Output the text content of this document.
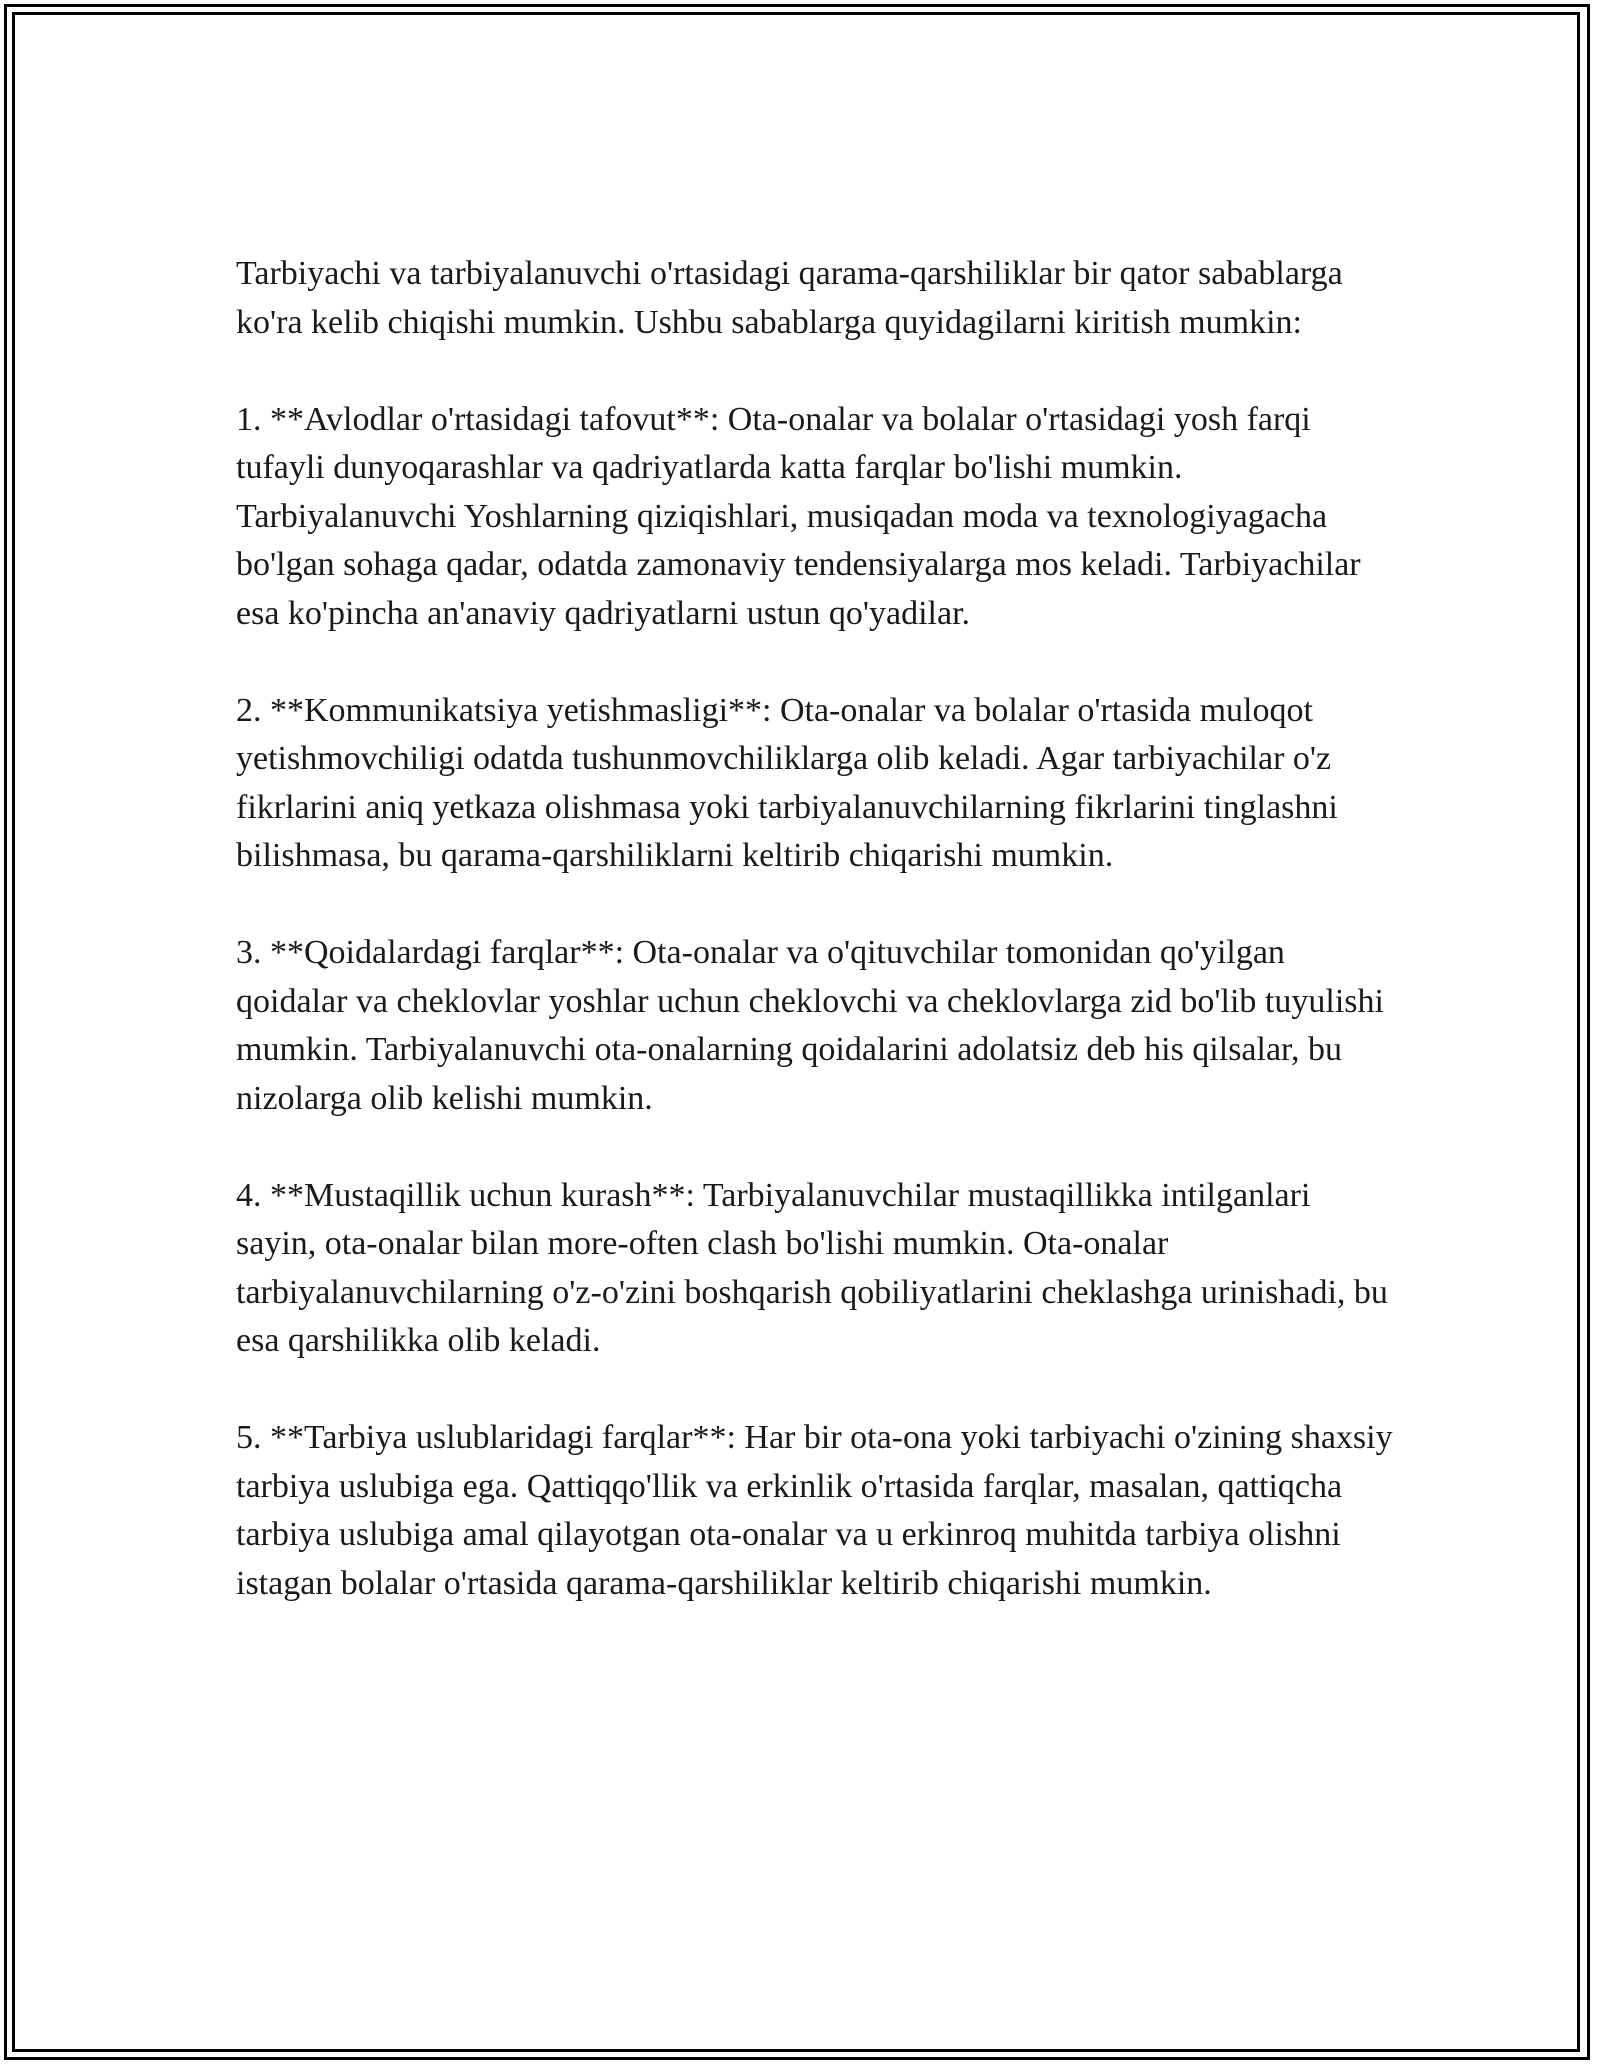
Tarbiyachi va tarbiyalanuvchi o'rtasidagi qarama-qarshiliklar bir qator sabablarga ko'ra kelib chiqishi mumkin. Ushbu sabablarga quyidagilarni kiritish mumkin:

1. **Avlodlar o'rtasidagi tafovut**: Ota-onalar va bolalar o'rtasidagi yosh farqi tufayli dunyoqarashlar va qadriyatlarda katta farqlar bo'lishi mumkin. Tarbiyalanuvchi Yoshlarning qiziqishlari, musiqadan moda va texnologiyagacha bo'lgan sohaga qadar, odatda zamonaviy tendensiyalarga mos keladi. Tarbiyachilar esa ko'pincha an'anaviy qadriyatlarni ustun qo'yadilar.

2. **Kommunikatsiya yetishmasligi**: Ota-onalar va bolalar o'rtasida muloqot yetishmovchiligi odatda tushunmovchiliklarga olib keladi. Agar tarbiyachilar o'z fikrlarini aniq yetkaza olishmasa yoki tarbiyalanuvchilarning fikrlarini tinglashni bilishmasa, bu qarama-qarshiliklarni keltirib chiqarishi mumkin.

3. **Qoidalardagi farqlar**: Ota-onalar va o'qituvchilar tomonidan qo'yilgan qoidalar va cheklovlar yoshlar uchun cheklovchi va cheklovlarga zid bo'lib tuyulishi mumkin. Tarbiyalanuvchi ota-onalarning qoidalarini adolatsiz deb his qilsalar, bu nizolarga olib kelishi mumkin.

4. **Mustaqillik uchun kurash**: Tarbiyalanuvchilar mustaqillikka intilganlari sayin, ota-onalar bilan more-often clash bo'lishi mumkin. Ota-onalar tarbiyalanuvchilarning o'z-o'zini boshqarish qobiliyatlarini cheklashga urinishadi, bu esa qarshilikka olib keladi.

5. **Tarbiya uslublaridagi farqlar**: Har bir ota-ona yoki tarbiyachi o'zining shaxsiy tarbiya uslubiga ega. Qattiqqo'llik va erkinlik o'rtasida farqlar, masalan, qattiqcha tarbiya uslubiga amal qilayotgan ota-onalar va u erkinroq muhitda tarbiya olishni istagan bolalar o'rtasida qarama-qarshiliklar keltirib chiqarishi mumkin.
